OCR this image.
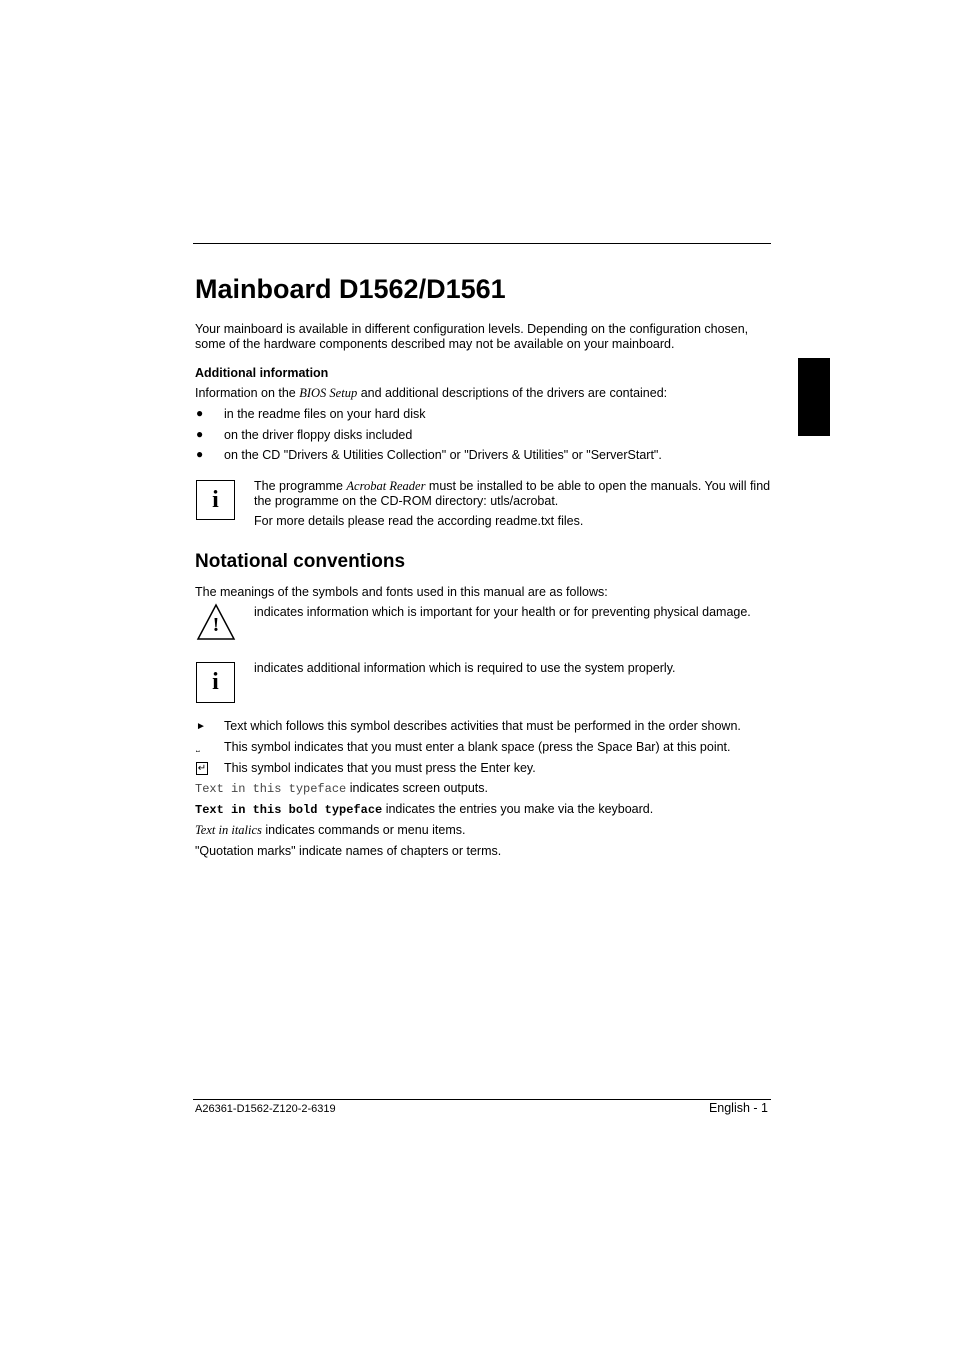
Mainboard D1562/D1561
Your mainboard is available in different configuration levels. Depending on the configuration chosen, some of the hardware components described may not be available on your mainboard.
Additional information
Information on the BIOS Setup and additional descriptions of the drivers are contained:
● in the readme files on your hard disk
● on the driver floppy disks included
● on the CD "Drivers & Utilities Collection" or "Drivers & Utilities" or "ServerStart".
i
The programme Acrobat Reader must be installed to be able to open the manuals. You will find the programme on the CD-ROM directory: utls/acrobat.
For more details please read the according readme.txt files.
Notational conventions
The meanings of the symbols and fonts used in this manual are as follows:
!
indicates information which is important for your health or for preventing physical damage.
i
indicates additional information which is required to use the system properly.
► Text which follows this symbol describes activities that must be performed in the order shown.
⎵ This symbol indicates that you must enter a blank space (press the Space Bar) at this point.
↵ This symbol indicates that you must press the Enter key.
Text in this typeface indicates screen outputs.
Text in this bold typeface indicates the entries you make via the keyboard.
Text in italics indicates commands or menu items.
"Quotation marks" indicate names of chapters or terms.
A26361-D1562-Z120-2-6319	English - 1
